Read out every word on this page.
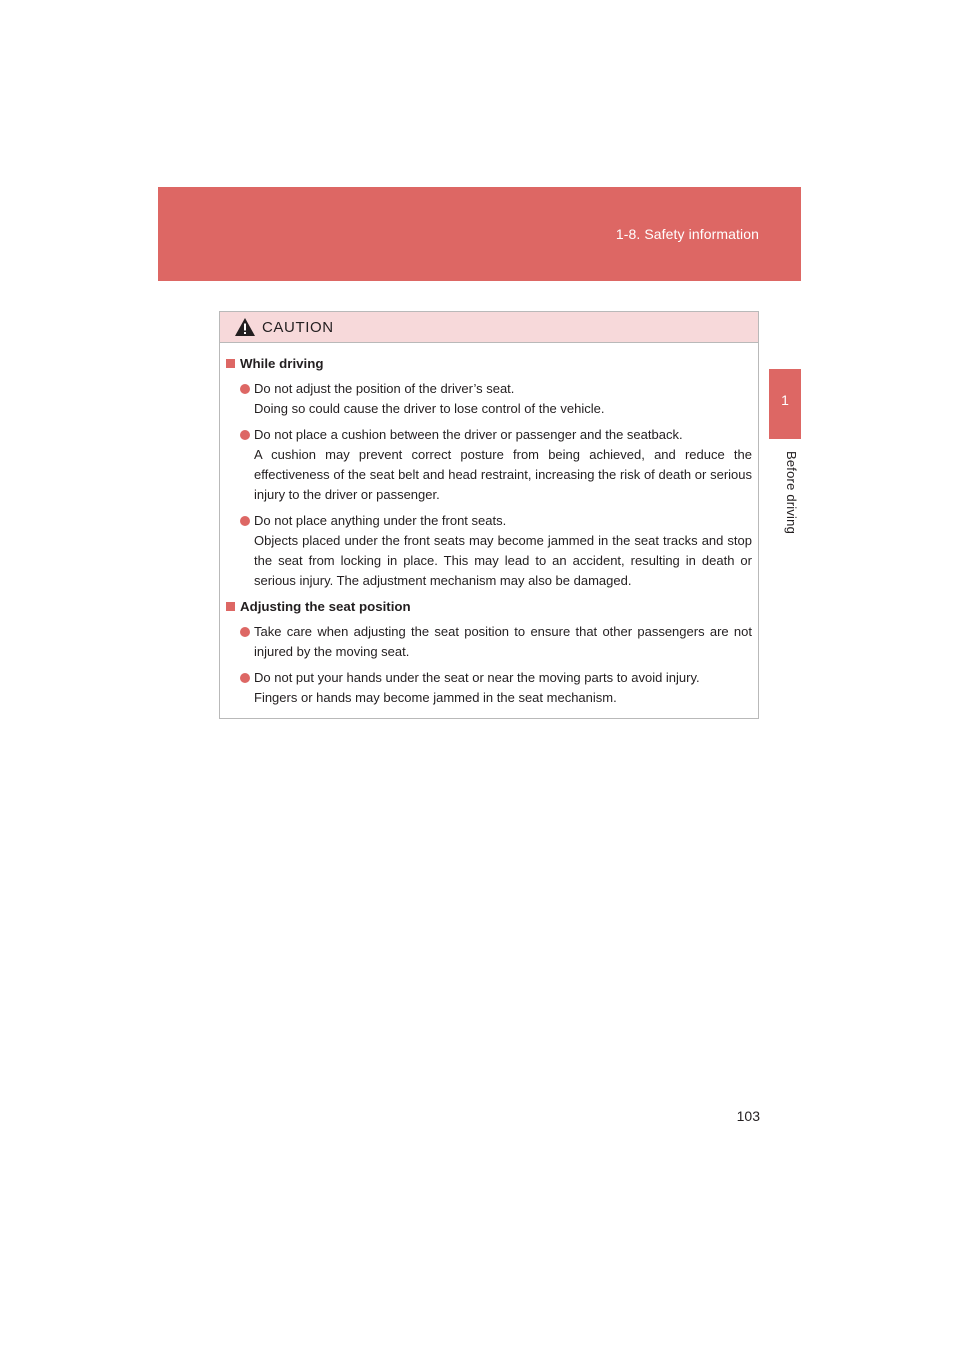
1-8. Safety information
1
Before driving
CAUTION
While driving

Do not adjust the position of the driver’s seat.

Doing so could cause the driver to lose control of the vehicle.

Do not place a cushion between the driver or passenger and the seatback.

A cushion may prevent correct posture from being achieved, and reduce the effectiveness of the seat belt and head restraint, increasing the risk of death or serious injury to the driver or passenger.

Do not place anything under the front seats.

Objects placed under the front seats may become jammed in the seat tracks and stop the seat from locking in place. This may lead to an accident, resulting in death or serious injury. The adjustment mechanism may also be damaged.

Adjusting the seat position

Take care when adjusting the seat position to ensure that other passengers are not injured by the moving seat.

Do not put your hands under the seat or near the moving parts to avoid injury.

Fingers or hands may become jammed in the seat mechanism.

103
